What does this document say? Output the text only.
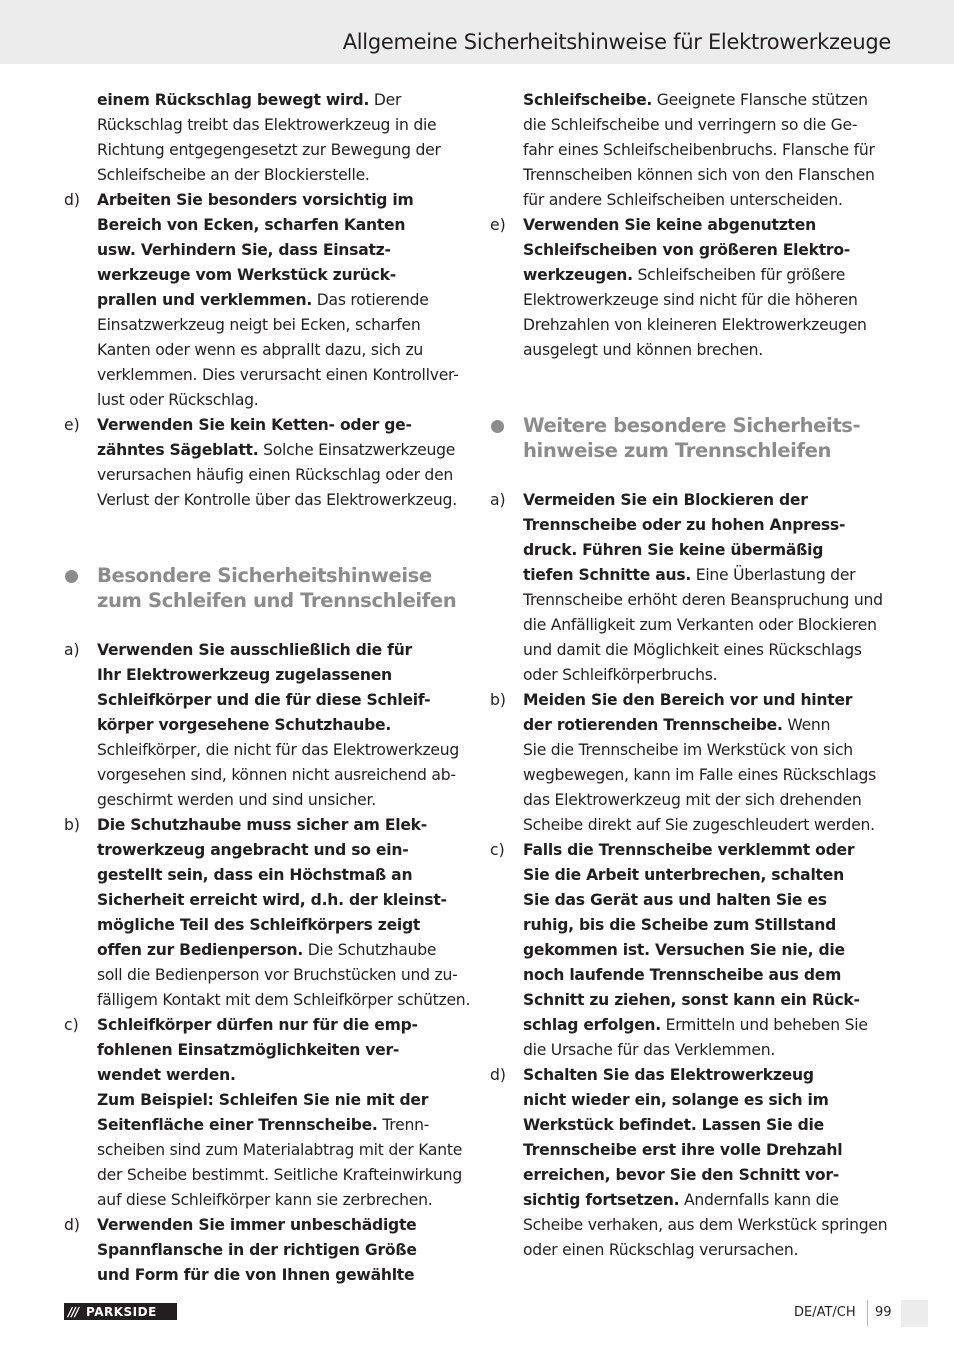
Allgemeine Sicherheitshinweise für Elektrowerkzeuge
einem Rückschlag bewegt wird. Der
Rückschlag treibt das Elektrowerkzeug in die
Richtung entgegengesetzt zur Bewegung der
Schleifscheibe an der Blockierstelle.
d)	Arbeiten Sie besonders vorsichtig im
Bereich von Ecken, scharfen Kanten
usw. Verhindern Sie, dass Einsatz-
werkzeuge vom Werkstück zurück-
prallen und verklemmen. Das rotierende
Einsatzwerkzeug neigt bei Ecken, scharfen
Kanten oder wenn es abprallt dazu, sich zu
verklemmen. Dies verursacht einen Kontrollver-
lust oder Rückschlag.
e)	Verwenden Sie kein Ketten- oder ge-
zähntes Sägeblatt. Solche Einsatzwerkzeuge
verursachen häufig einen Rückschlag oder den
Verlust der Kontrolle über das Elektrowerkzeug.
Besondere Sicherheitshinweise
zum Schleifen und Trennschleifen
a)	Verwenden Sie ausschließlich die für
Ihr Elektrowerkzeug zugelassenen
Schleifkörper und die für diese Schleif-
körper vorgesehene Schutzhaube.
Schleifkörper, die nicht für das Elektrowerkzeug
vorgesehen sind, können nicht ausreichend ab-
geschirmt werden und sind unsicher.
b)	Die Schutzhaube muss sicher am Elek-
trowerkzeug angebracht und so ein-
gestellt sein, dass ein Höchstmaß an
Sicherheit erreicht wird, d.h. der kleinst-
mögliche Teil des Schleifkörpers zeigt
offen zur Bedienperson. Die Schutzhaube
soll die Bedienperson vor Bruchstücken und zu-
fälligem Kontakt mit dem Schleifkörper schützen.
c)	Schleifkörper dürfen nur für die emp-
fohlenen Einsatzmöglichkeiten ver-
wendet werden.
Zum Beispiel: Schleifen Sie nie mit der
Seitenfläche einer Trennscheibe. Trenn-
scheiben sind zum Materialabtrag mit der Kante
der Scheibe bestimmt. Seitliche Krafteinwirkung
auf diese Schleifkörper kann sie zerbrechen.
d)	Verwenden Sie immer unbeschädigte
Spannflansche in der richtigen Größe
und Form für die von Ihnen gewählte
Schleifscheibe. Geeignete Flansche stützen
die Schleifscheibe und verringern so die Ge-
fahr eines Schleifscheibenbruchs. Flansche für
Trennscheiben können sich von den Flanschen
für andere Schleifscheiben unterscheiden.
e)	Verwenden Sie keine abgenutzten
Schleifscheiben von größeren Elektro-
werkzeugen. Schleifscheiben für größere
Elektrowerkzeuge sind nicht für die höheren
Drehzahlen von kleineren Elektrowerkzeugen
ausgelegt und können brechen.
Weitere besondere Sicherheits-
hinweise zum Trennschleifen
a)	Vermeiden Sie ein Blockieren der
Trennscheibe oder zu hohen Anpress-
druck. Führen Sie keine übermäßig
tiefen Schnitte aus. Eine Überlastung der
Trennscheibe erhöht deren Beanspruchung und
die Anfälligkeit zum Verkanten oder Blockieren
und damit die Möglichkeit eines Rückschlags
oder Schleifkörperbruchs.
b)	Meiden Sie den Bereich vor und hinter
der rotierenden Trennscheibe. Wenn
Sie die Trennscheibe im Werkstück von sich
wegbewegen, kann im Falle eines Rückschlags
das Elektrowerkzeug mit der sich drehenden
Scheibe direkt auf Sie zugeschleudert werden.
c)	Falls die Trennscheibe verklemmt oder
Sie die Arbeit unterbrechen, schalten
Sie das Gerät aus und halten Sie es
ruhig, bis die Scheibe zum Stillstand
gekommen ist. Versuchen Sie nie, die
noch laufende Trennscheibe aus dem
Schnitt zu ziehen, sonst kann ein Rück-
schlag erfolgen. Ermitteln und beheben Sie
die Ursache für das Verklemmen.
d)	Schalten Sie das Elektrowerkzeug
nicht wieder ein, solange es sich im
Werkstück befindet. Lassen Sie die
Trennscheibe erst ihre volle Drehzahl
erreichen, bevor Sie den Schnitt vor-
sichtig fortsetzen. Andernfalls kann die
Scheibe verhaken, aus dem Werkstück springen
oder einen Rückschlag verursachen.
/// PARKSIDE	DE/AT/CH 99
